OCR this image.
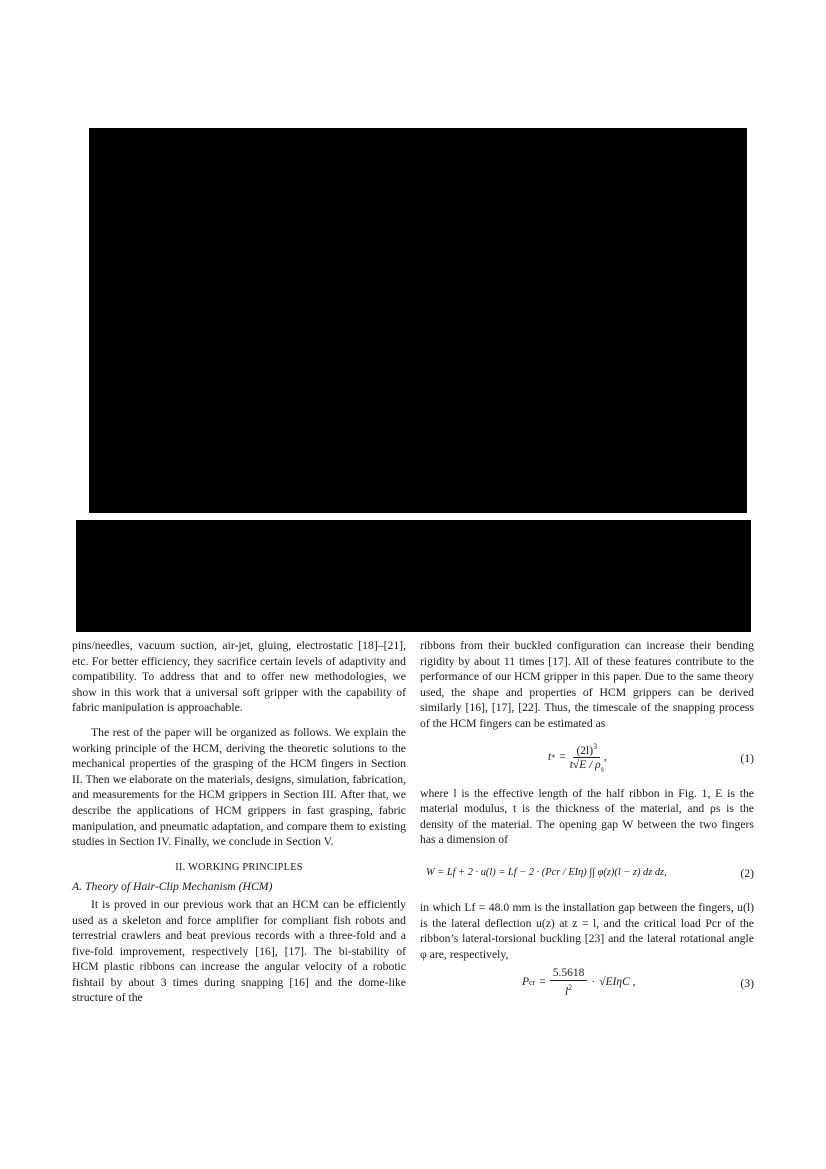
pins/needles, vacuum suction, air-jet, gluing, electrostatic [18]–[21], etc. For better efficiency, they sacrifice certain levels of adaptivity and compatibility. To address that and to offer new methodologies, we show in this work that a universal soft gripper with the capability of fabric manipulation is approachable.

The rest of the paper will be organized as follows. We explain the working principle of the HCM, deriving the theoretic solutions to the mechanical properties of the grasping of the HCM fingers in Section II. Then we elaborate on the materials, designs, simulation, fabrication, and measurements for the HCM grippers in Section III. After that, we describe the applications of HCM grippers in fast grasping, fabric manipulation, and pneumatic adaptation, and compare them to existing studies in Section IV. Finally, we conclude in Section V.

II. WORKING PRINCIPLES

A. Theory of Hair-Clip Mechanism (HCM)

It is proved in our previous work that an HCM can be efficiently used as a skeleton and force amplifier for compliant fish robots and terrestrial crawlers and beat previous records with a three-fold and a five-fold improvement, respectively [16], [17]. The bi-stability of HCM plastic ribbons can increase the angular velocity of a robotic fishtail by about 3 times during snapping [16] and the dome-like structure of the

ribbons from their buckled configuration can increase their bending rigidity by about 11 times [17]. All of these features contribute to the performance of our HCM gripper in this paper. Due to the same theory used, the shape and properties of HCM grippers can be derived similarly [16], [17], [22]. Thus, the timescale of the snapping process of the HCM fingers can be estimated as

t * = $\frac{(2l)^3}{t√E / \rho_s}$ ,	(1)

where l is the effective length of the half ribbon in Fig. 1, E is the material modulus, t is the thickness of the material, and ρs is the density of the material. The opening gap W between the two fingers has a dimension of

W = Lf + 2 · u(l) = Lf − 2 · (Pcr / EIη) ∫∫ φ(z)(l − z) dz dz,	(2)

in which Lf = 48.0 mm is the installation gap between the fingers, u(l) is the lateral deflection u(z) at z = l, and the critical load Pcr of the ribbon’s lateral-torsional buckling [23] and the lateral rotational angle φ are, respectively,

P cr = $\frac{5.5618}{l^2} \cdot √EI\eta C$ ,	(3)
